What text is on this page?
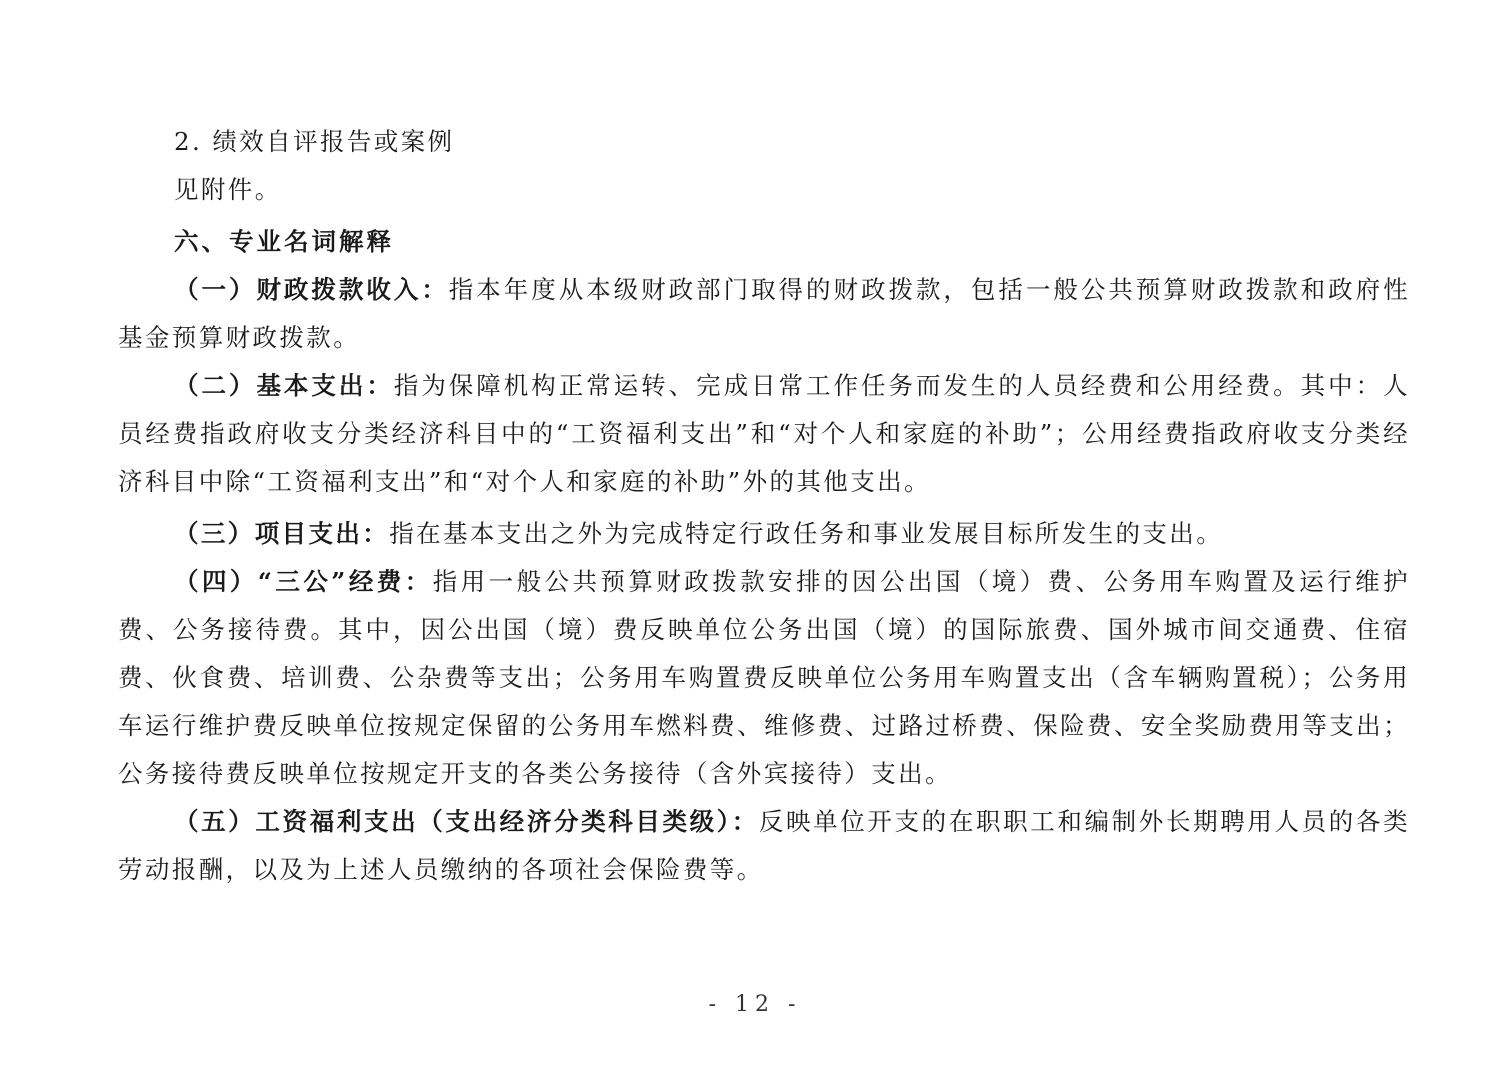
2. 绩效自评报告或案例

见附件。

六、专业名词解释

（一）财政拨款收入：指本年度从本级财政部门取得的财政拨款，包括一般公共预算财政拨款和政府性基金预算财政拨款。

（二）基本支出：指为保障机构正常运转、完成日常工作任务而发生的人员经费和公用经费。其中：人员经费指政府收支分类经济科目中的“工资福利支出”和“对个人和家庭的补助”；公用经费指政府收支分类经济科目中除“工资福利支出”和“对个人和家庭的补助”外的其他支出。

（三）项目支出：指在基本支出之外为完成特定行政任务和事业发展目标所发生的支出。

（四）“三公”经费：指用一般公共预算财政拨款安排的因公出国（境）费、公务用车购置及运行维护费、公务接待费。其中，因公出国（境）费反映单位公务出国（境）的国际旅费、国外城市间交通费、住宿费、伙食费、培训费、公杂费等支出；公务用车购置费反映单位公务用车购置支出（含车辆购置税）；公务用车运行维护费反映单位按规定保留的公务用车燃料费、维修费、过路过桥费、保险费、安全奖励费用等支出；公务接待费反映单位按规定开支的各类公务接待（含外宾接待）支出。

（五）工资福利支出（支出经济分类科目类级）：反映单位开支的在职职工和编制外长期聘用人员的各类劳动报酬，以及为上述人员缴纳的各项社会保险费等。

- 12 -
